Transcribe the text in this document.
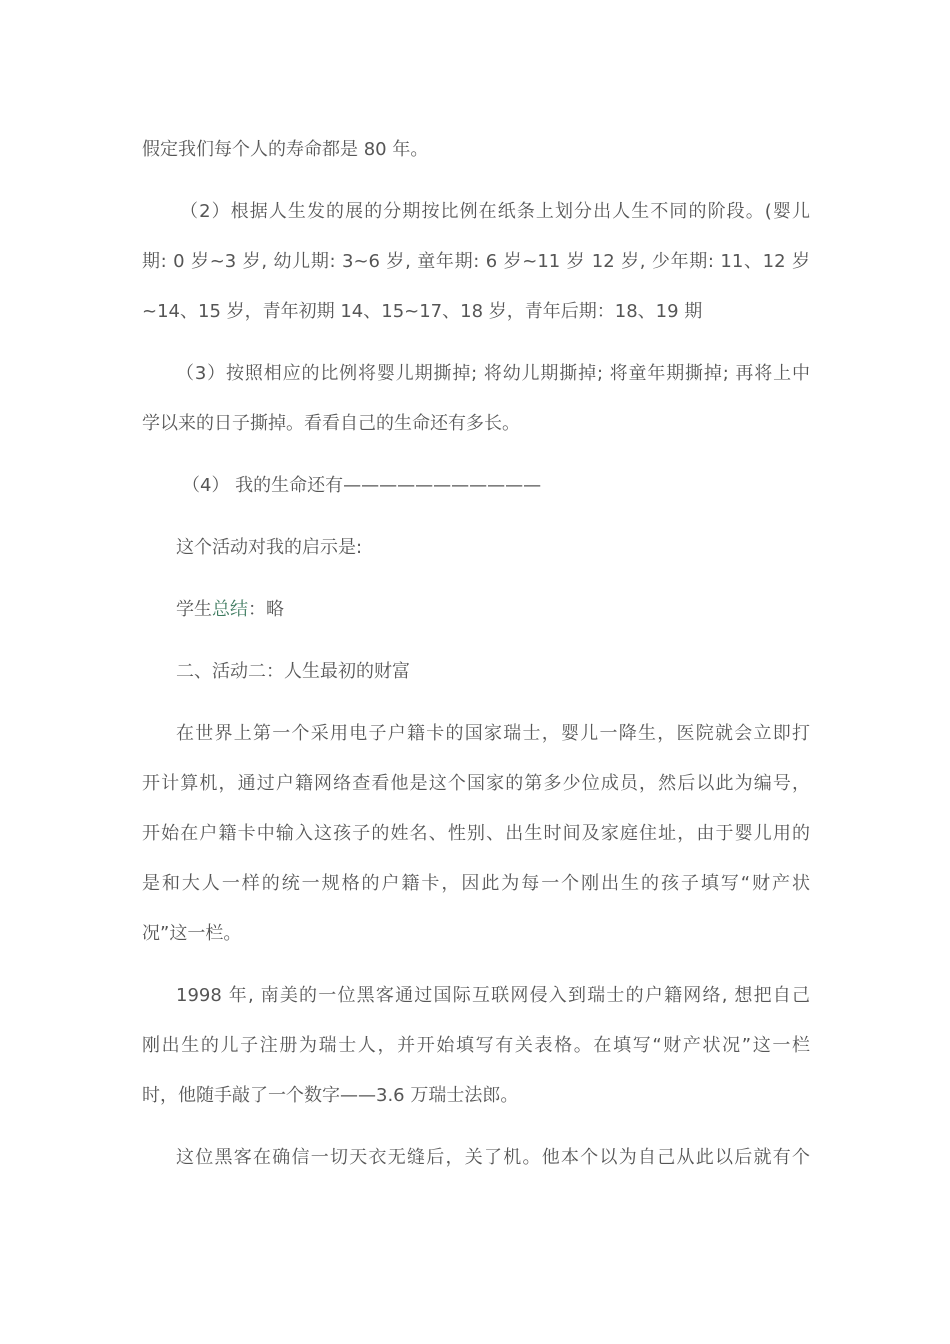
假定我们每个人的寿命都是 80 年。
（2）根据人生发的展的分期按比例在纸条上划分出人生不同的阶段。(婴儿
期: 0 岁~3 岁, 幼儿期: 3~6 岁, 童年期: 6 岁~11 岁 12 岁, 少年期: 11、12 岁
~14、15 岁，青年初期 14、15~17、18 岁，青年后期：18、19 期
（3）按照相应的比例将婴儿期撕掉; 将幼儿期撕掉; 将童年期撕掉; 再将上中
学以来的日子撕掉。看看自己的生命还有多长。
（4） 我的生命还有———————————
这个活动对我的启示是:
学生总结：略
二、活动二：人生最初的财富
在世界上第一个采用电子户籍卡的国家瑞士，婴儿一降生，医院就会立即打
开计算机，通过户籍网络查看他是这个国家的第多少位成员，然后以此为编号，
开始在户籍卡中输入这孩子的姓名、性别、出生时间及家庭住址，由于婴儿用的
是和大人一样的统一规格的户籍卡，因此为每一个刚出生的孩子填写“财产状
况”这一栏。
1998 年, 南美的一位黑客通过国际互联网侵入到瑞士的户籍网络, 想把自己
刚出生的儿子注册为瑞士人，并开始填写有关表格。在填写“财产状况”这一栏
时，他随手敲了一个数字——3.6 万瑞士法郎。
这位黑客在确信一切天衣无缝后，关了机。他本个以为自己从此以后就有个
